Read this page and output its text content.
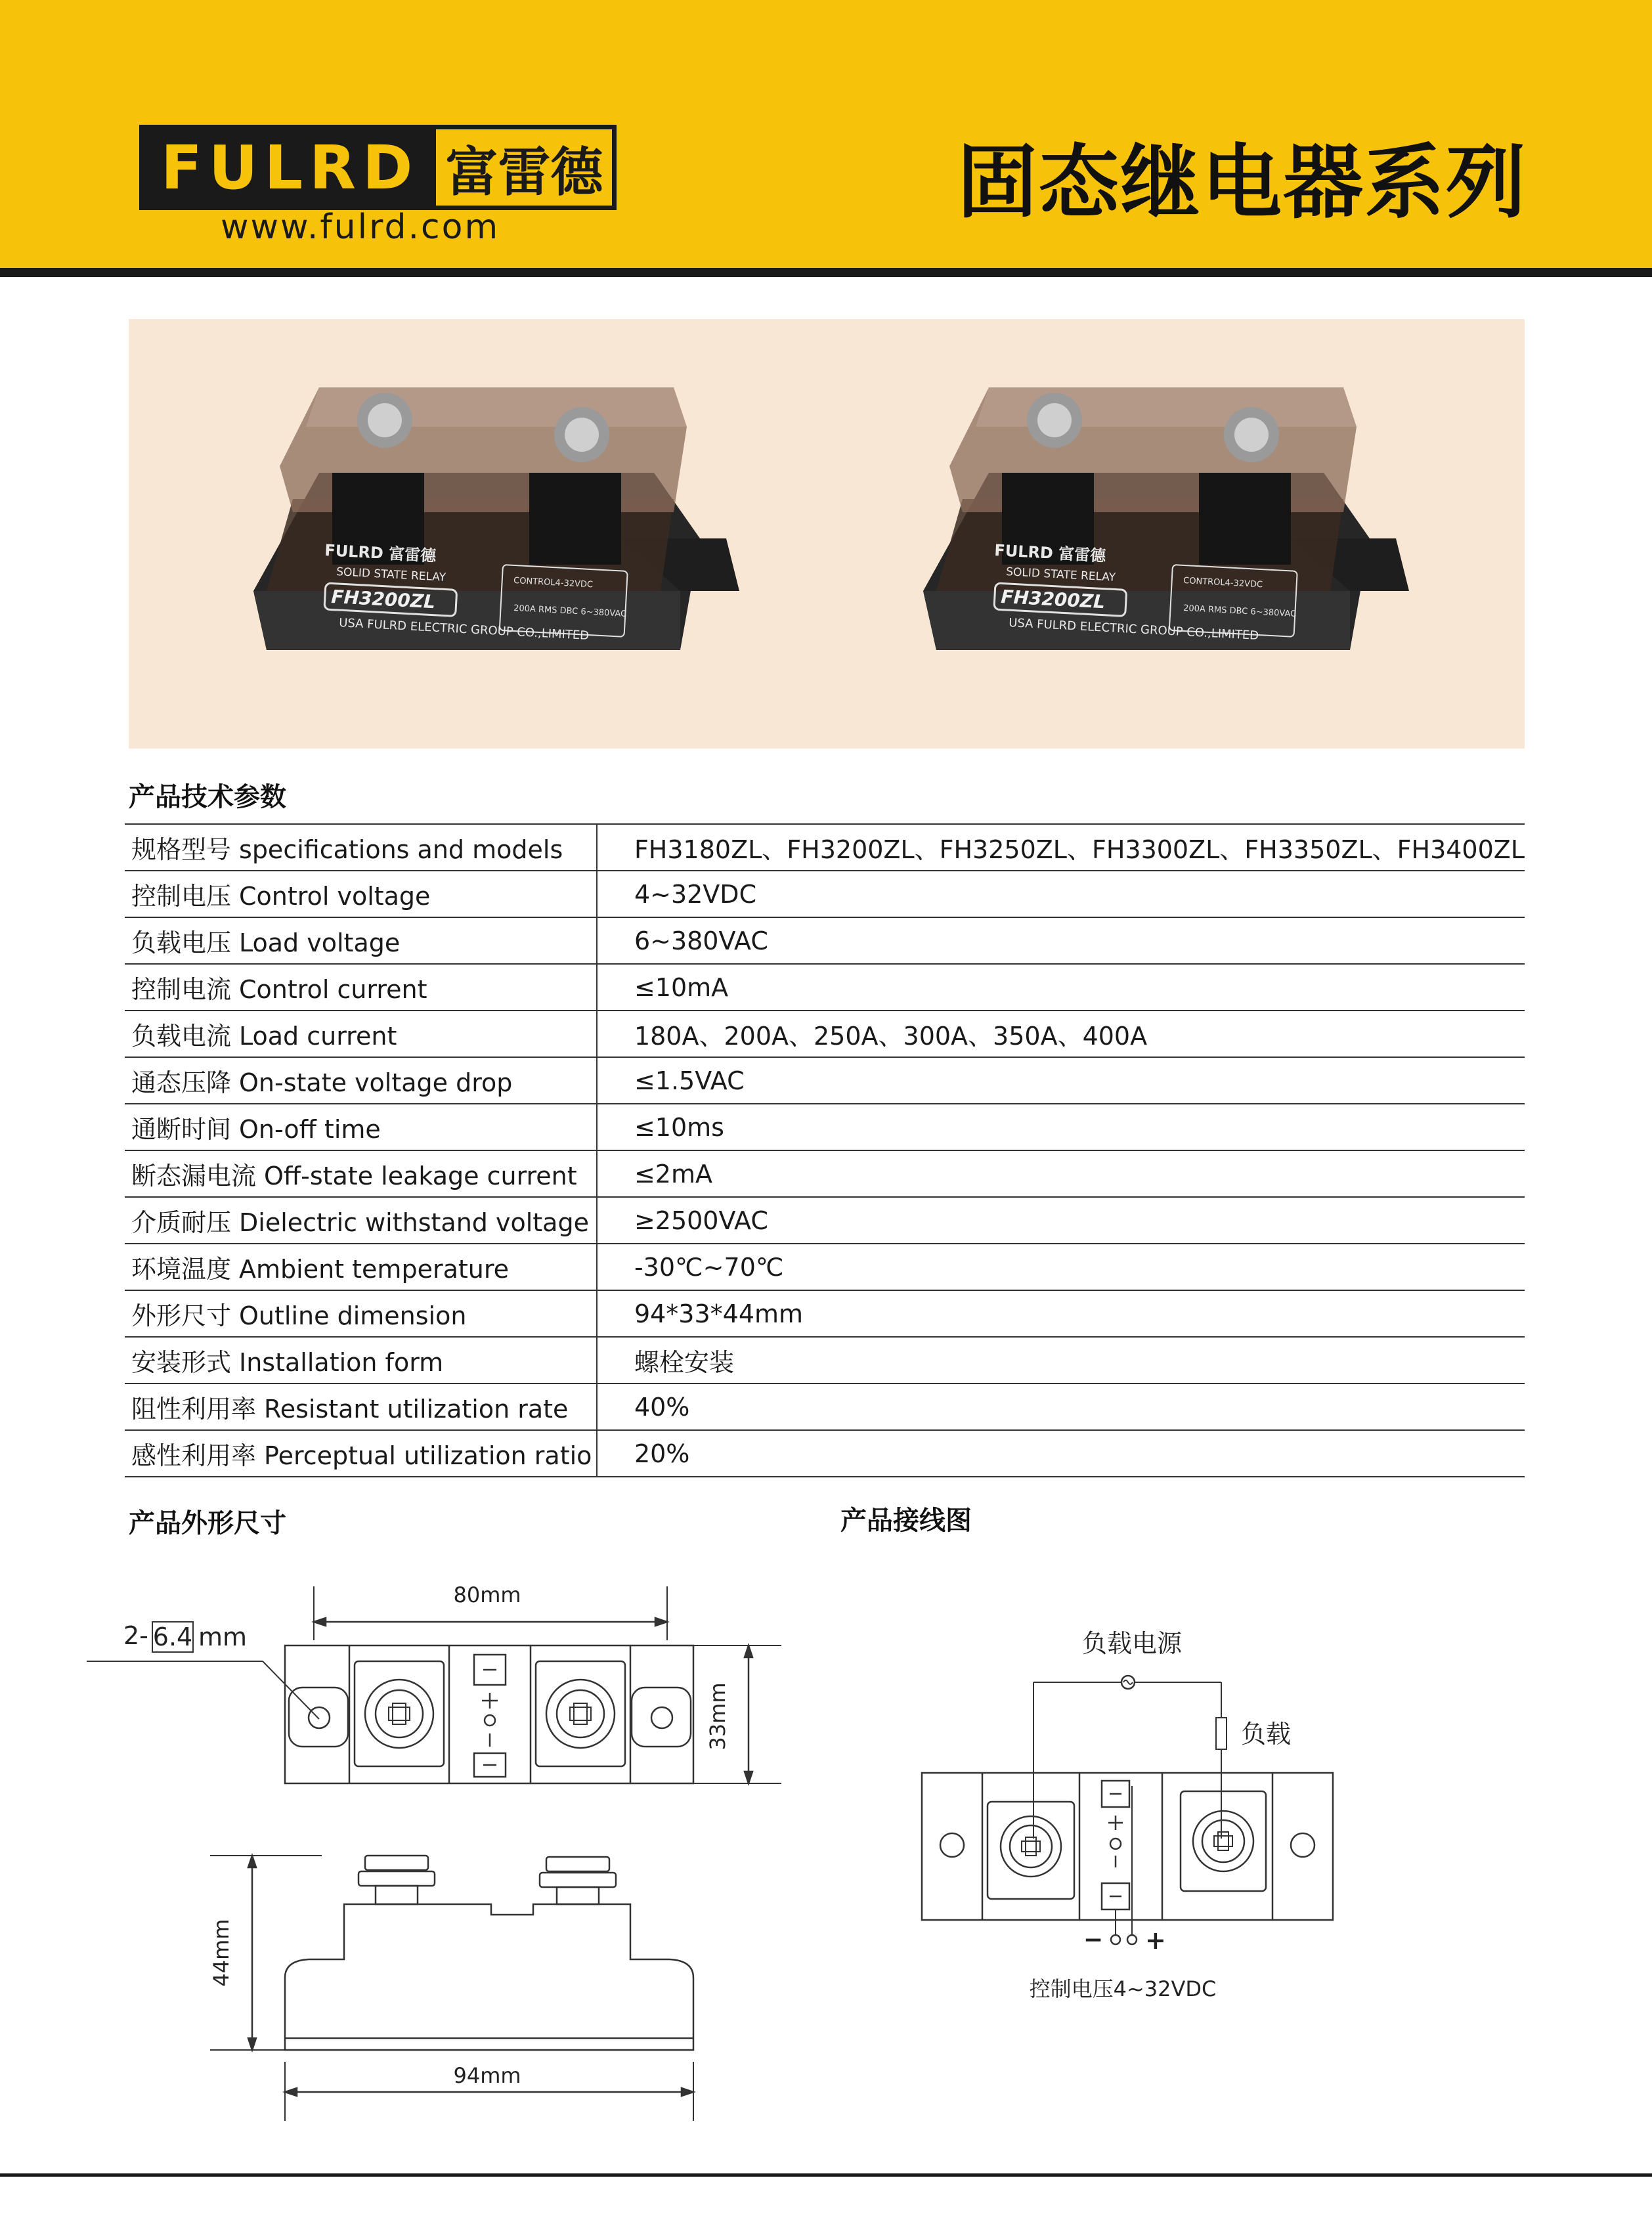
FULRD 富雷德
www.fulrd.com	固态继电器系列
FULRD 富雷德
SOLID STATE RELAY
FH3200ZL
CONTROL4-32VDC
200A RMS DBC 6~380VAC
USA FULRD ELECTRIC GROUP CO.,LIMITED
FULRD 富雷德
SOLID STATE RELAY
FH3200ZL
CONTROL4-32VDC
200A RMS DBC 6~380VAC
USA FULRD ELECTRIC GROUP CO.,LIMITED
产品技术参数
规格型号 specifications and models	FH3180ZL、FH3200ZL、FH3250ZL、FH3300ZL、FH3350ZL、FH3400ZL
控制电压 Control voltage	4~32VDC
负载电压 Load voltage	6~380VAC
控制电流 Control current	≤10mA
负载电流 Load current	180A、200A、250A、300A、350A、400A
通态压降 On-state voltage drop	≤1.5VAC
通断时间 On-off time	≤10ms
断态漏电流 Off-state leakage current	≤2mA
介质耐压 Dielectric withstand voltage	≥2500VAC
环境温度 Ambient temperature	-30℃~70℃
外形尺寸 Outline dimension	94*33*44mm
安装形式 Installation form	螺栓安装
阻性利用率 Resistant utilization rate	40%
感性利用率 Perceptual utilization ratio	20%
产品外形尺寸	产品接线图
80mm
2- 6.4 mm
33mm
44mm
94mm
负载电源
负载
− +
控制电压4~32VDC
